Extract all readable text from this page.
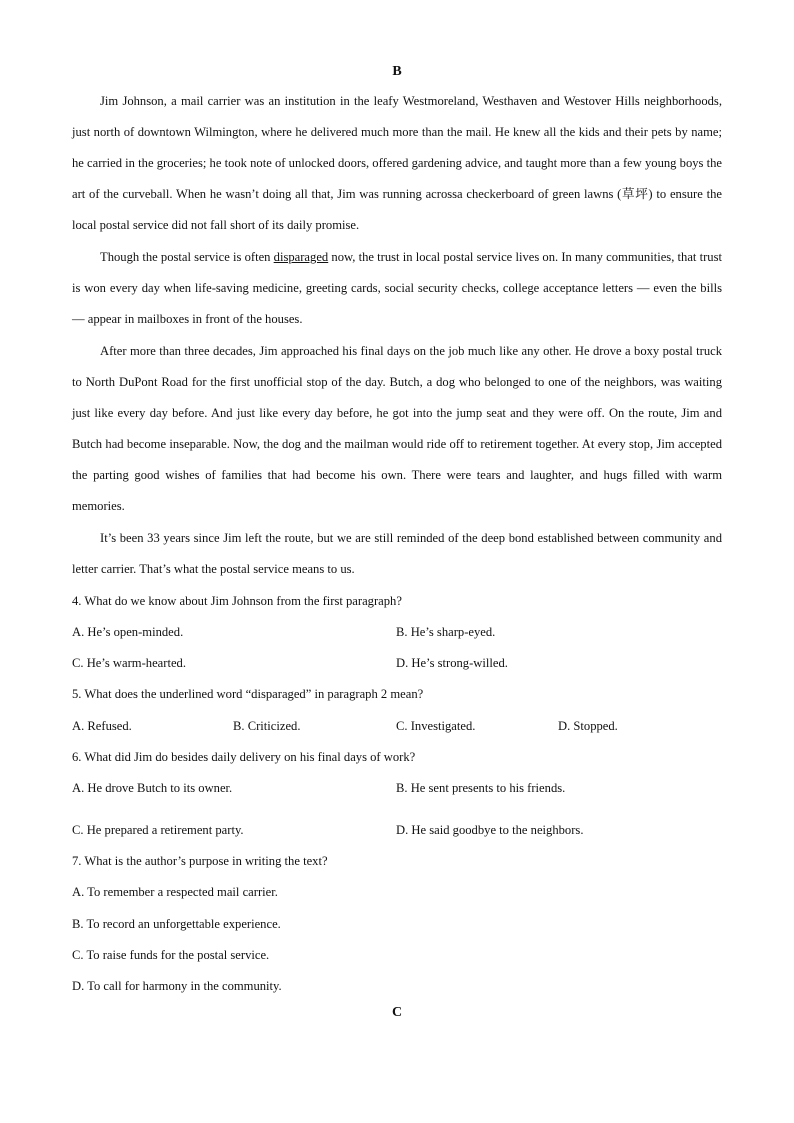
B
Jim Johnson, a mail carrier was an institution in the leafy Westmoreland, Westhaven and Westover Hills neighborhoods, just north of downtown Wilmington, where he delivered much more than the mail. He knew all the kids and their pets by name; he carried in the groceries; he took note of unlocked doors, offered gardening advice, and taught more than a few young boys the art of the curveball. When he wasn’t doing all that, Jim was running acrossa checkerboard of green lawns (草坪) to ensure the local postal service did not fall short of its daily promise.
Though the postal service is often disparaged now, the trust in local postal service lives on. In many communities, that trust is won every day when life-saving medicine, greeting cards, social security checks, college acceptance letters — even the bills — appear in mailboxes in front of the houses.
After more than three decades, Jim approached his final days on the job much like any other. He drove a boxy postal truck to North DuPont Road for the first unofficial stop of the day. Butch, a dog who belonged to one of the neighbors, was waiting just like every day before. And just like every day before, he got into the jump seat and they were off. On the route, Jim and Butch had become inseparable. Now, the dog and the mailman would ride off to retirement together. At every stop, Jim accepted the parting good wishes of families that had become his own. There were tears and laughter, and hugs filled with warm memories.
It’s been 33 years since Jim left the route, but we are still reminded of the deep bond established between community and letter carrier. That’s what the postal service means to us.
4. What do we know about Jim Johnson from the first paragraph?
A. He’s open-minded.	B. He’s sharp-eyed.
C. He’s warm-hearted.	D. He’s strong-willed.
5. What does the underlined word “disparaged” in paragraph 2 mean?
A. Refused.	B. Criticized.	C. Investigated.	D. Stopped.
6. What did Jim do besides daily delivery on his final days of work?
A. He drove Butch to its owner.	B. He sent presents to his friends.
C. He prepared a retirement party.	D. He said goodbye to the neighbors.
7. What is the author’s purpose in writing the text?
A. To remember a respected mail carrier.
B. To record an unforgettable experience.
C. To raise funds for the postal service.
D. To call for harmony in the community.
C
